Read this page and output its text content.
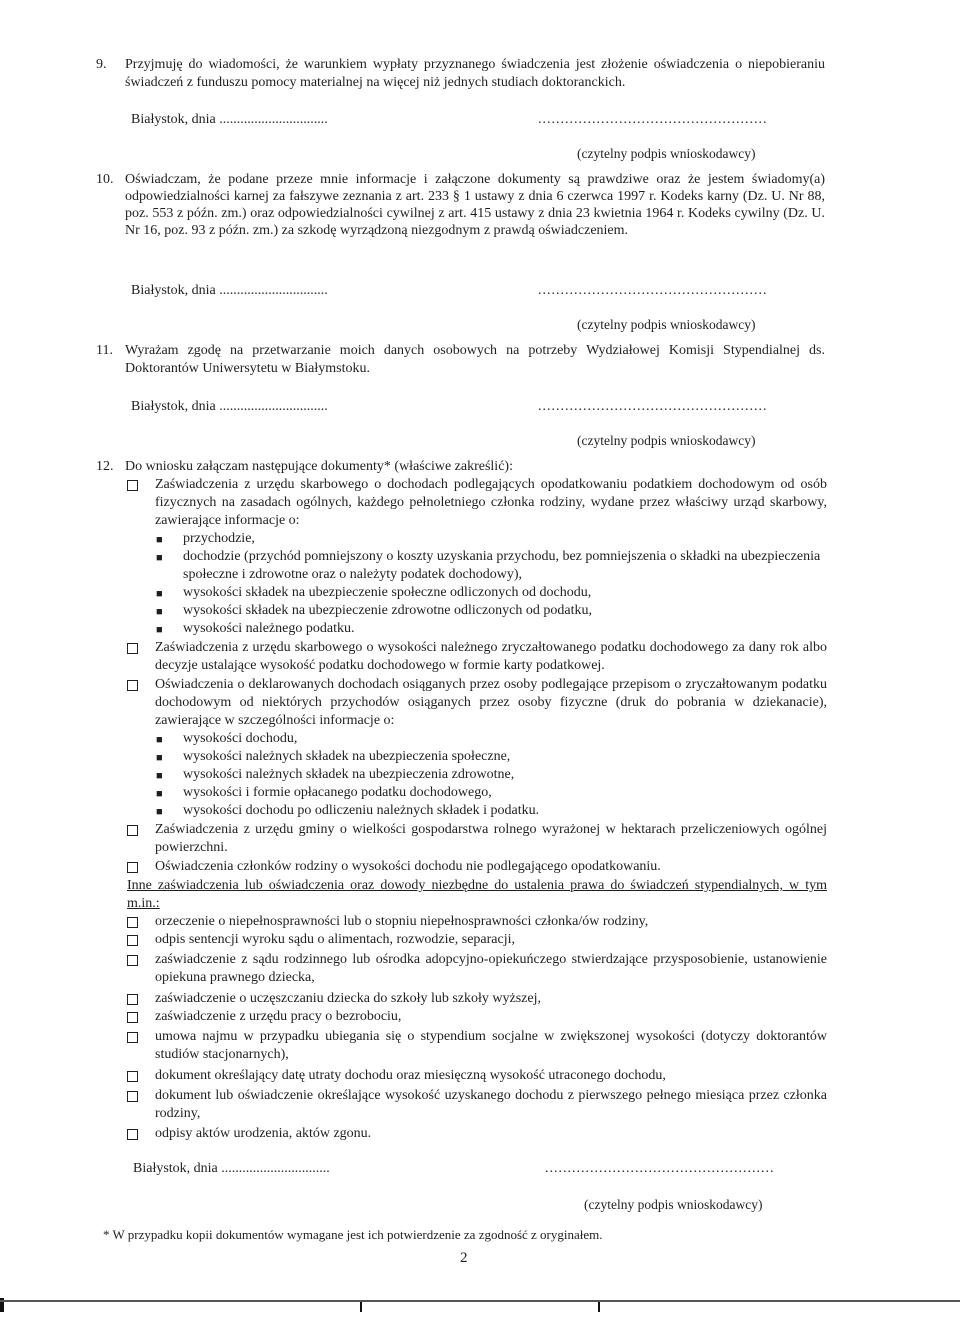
9. Przyjmuję do wiadomości, że warunkiem wypłaty przyznanego świadczenia jest złożenie oświadczenia o niepobieraniu świadczeń z funduszu pomocy materialnej na więcej niż jednych studiach doktoranckich.
Białystok, dnia ...............................	...................................................
(czytelny podpis wnioskodawcy)
10. Oświadczam, że podane przeze mnie informacje i załączone dokumenty są prawdziwe oraz że jestem świadomy(a) odpowiedzialności karnej za fałszywe zeznania z art. 233 § 1 ustawy z dnia 6 czerwca 1997 r. Kodeks karny (Dz. U. Nr 88, poz. 553 z późn. zm.) oraz odpowiedzialności cywilnej z art. 415 ustawy z dnia 23 kwietnia 1964 r. Kodeks cywilny (Dz. U. Nr 16, poz. 93 z późn. zm.) za szkodę wyrządzoną niezgodnym z prawdą oświadczeniem.
Białystok, dnia ...............................	...................................................
(czytelny podpis wnioskodawcy)
11. Wyrażam zgodę na przetwarzanie moich danych osobowych na potrzeby Wydziałowej Komisji Stypendialnej ds. Doktorantów Uniwersytetu w Białymstoku.
Białystok, dnia ...............................	...................................................
(czytelny podpis wnioskodawcy)
12. Do wniosku załączam następujące dokumenty* (właściwe zakreślić):
Zaświadczenia z urzędu skarbowego o dochodach podlegających opodatkowaniu podatkiem dochodowym od osób fizycznych na zasadach ogólnych, każdego pełnoletniego członka rodziny, wydane przez właściwy urząd skarbowy, zawierające informacje o:
■ przychodzie,
■ dochodzie (przychód pomniejszony o koszty uzyskania przychodu, bez pomniejszenia o składki na ubezpieczenia społeczne i zdrowotne oraz o należyty podatek dochodowy),
■ wysokości składek na ubezpieczenie społeczne odliczonych od dochodu,
■ wysokości składek na ubezpieczenie zdrowotne odliczonych od podatku,
■ wysokości należnego podatku.
Zaświadczenia z urzędu skarbowego o wysokości należnego zryczałtowanego podatku dochodowego za dany rok albo decyzje ustalające wysokość podatku dochodowego w formie karty podatkowej.
Oświadczenia o deklarowanych dochodach osiąganych przez osoby podlegające przepisom o zryczałtowanym podatku dochodowym od niektórych przychodów osiąganych przez osoby fizyczne (druk do pobrania w dziekanacie), zawierające w szczególności informacje o:
■ wysokości dochodu,
■ wysokości należnych składek na ubezpieczenia społeczne,
■ wysokości należnych składek na ubezpieczenia zdrowotne,
■ wysokości i formie opłacanego podatku dochodowego,
■ wysokości dochodu po odliczeniu należnych składek i podatku.
Zaświadczenia z urzędu gminy o wielkości gospodarstwa rolnego wyrażonej w hektarach przeliczeniowych ogólnej powierzchni.
Oświadczenia członków rodziny o wysokości dochodu nie podlegającego opodatkowaniu.
Inne zaświadczenia lub oświadczenia oraz dowody niezbędne do ustalenia prawa do świadczeń stypendialnych, w tym m.in.:
orzeczenie o niepełnosprawności lub o stopniu niepełnosprawności członka/ów rodziny,
odpis sentencji wyroku sądu o alimentach, rozwodzie, separacji,
zaświadczenie z sądu rodzinnego lub ośrodka adopcyjno-opiekuńczego stwierdzające przysposobienie, ustanowienie opiekuna prawnego dziecka,
zaświadczenie o uczęszczaniu dziecka do szkoły lub szkoły wyższej,
zaświadczenie z urzędu pracy o bezrobociu,
umowa najmu w przypadku ubiegania się o stypendium socjalne w zwiększonej wysokości (dotyczy doktorantów studiów stacjonarnych),
dokument określający datę utraty dochodu oraz miesięczną wysokość utraconego dochodu,
dokument lub oświadczenie określające wysokość uzyskanego dochodu z pierwszego pełnego miesiąca przez członka rodziny,
odpisy aktów urodzenia, aktów zgonu.
Białystok, dnia ...............................	...................................................
(czytelny podpis wnioskodawcy)
* W przypadku kopii dokumentów wymagane jest ich potwierdzenie za zgodność z oryginałem.
2
